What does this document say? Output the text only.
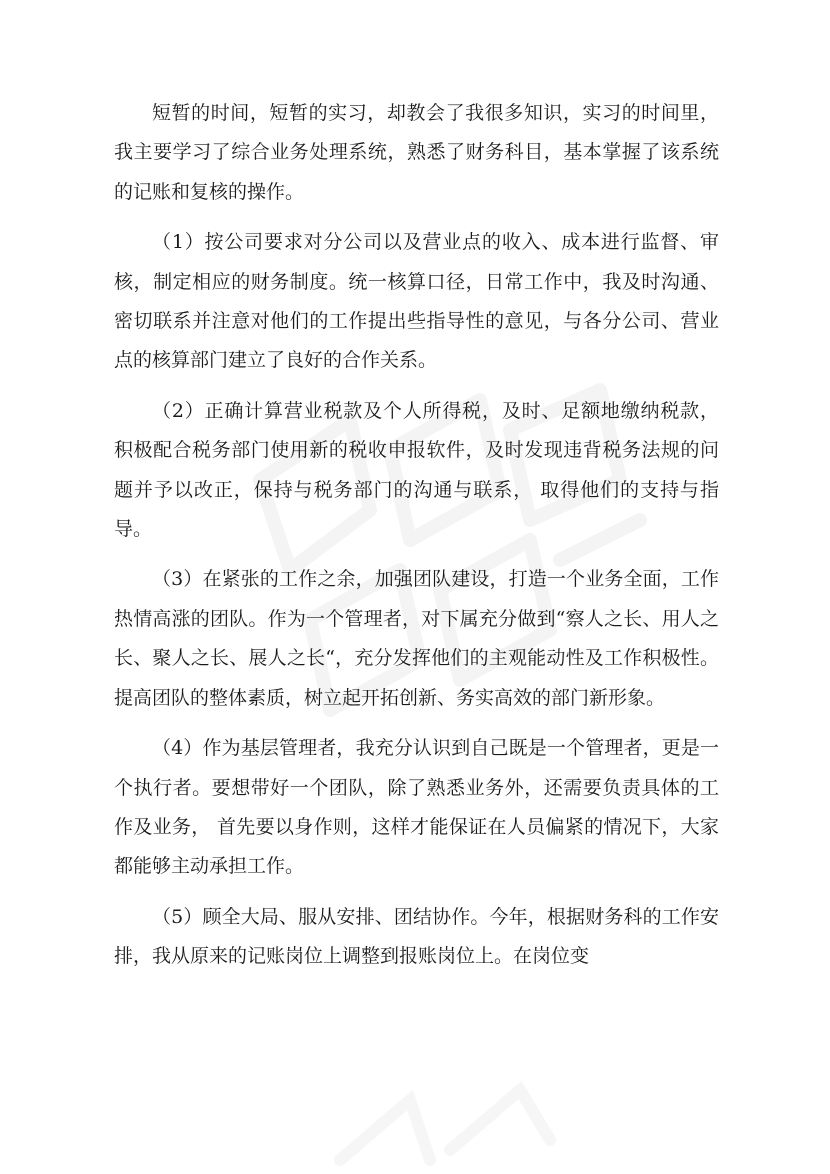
短暂的时间，短暂的实习，却教会了我很多知识，实习的时间里，我主要学习了综合业务处理系统，熟悉了财务科目，基本掌握了该系统的记账和复核的操作。

（1）按公司要求对分公司以及营业点的收入、成本进行监督、审核，制定相应的财务制度。统一核算口径，日常工作中，我及时沟通、密切联系并注意对他们的工作提出些指导性的意见，与各分公司、营业点的核算部门建立了良好的合作关系。

（2）正确计算营业税款及个人所得税，及时、足额地缴纳税款， 积极配合税务部门使用新的税收申报软件，及时发现违背税务法规的问题并予以改正，保持与税务部门的沟通与联系， 取得他们的支持与指导。

（3）在紧张的工作之余，加强团队建设，打造一个业务全面，工作热情高涨的团队。作为一个管理者，对下属充分做到“察人之长、用人之长、聚人之长、展人之长“，充分发挥他们的主观能动性及工作积极性。提高团队的整体素质，树立起开拓创新、务实高效的部门新形象。

（4）作为基层管理者，我充分认识到自己既是一个管理者，更是一个执行者。要想带好一个团队，除了熟悉业务外，还需要负责具体的工作及业务， 首先要以身作则，这样才能保证在人员偏紧的情况下，大家都能够主动承担工作。

（5）顾全大局、服从安排、团结协作。今年，根据财务科的工作安排，我从原来的记账岗位上调整到报账岗位上。在岗位变
